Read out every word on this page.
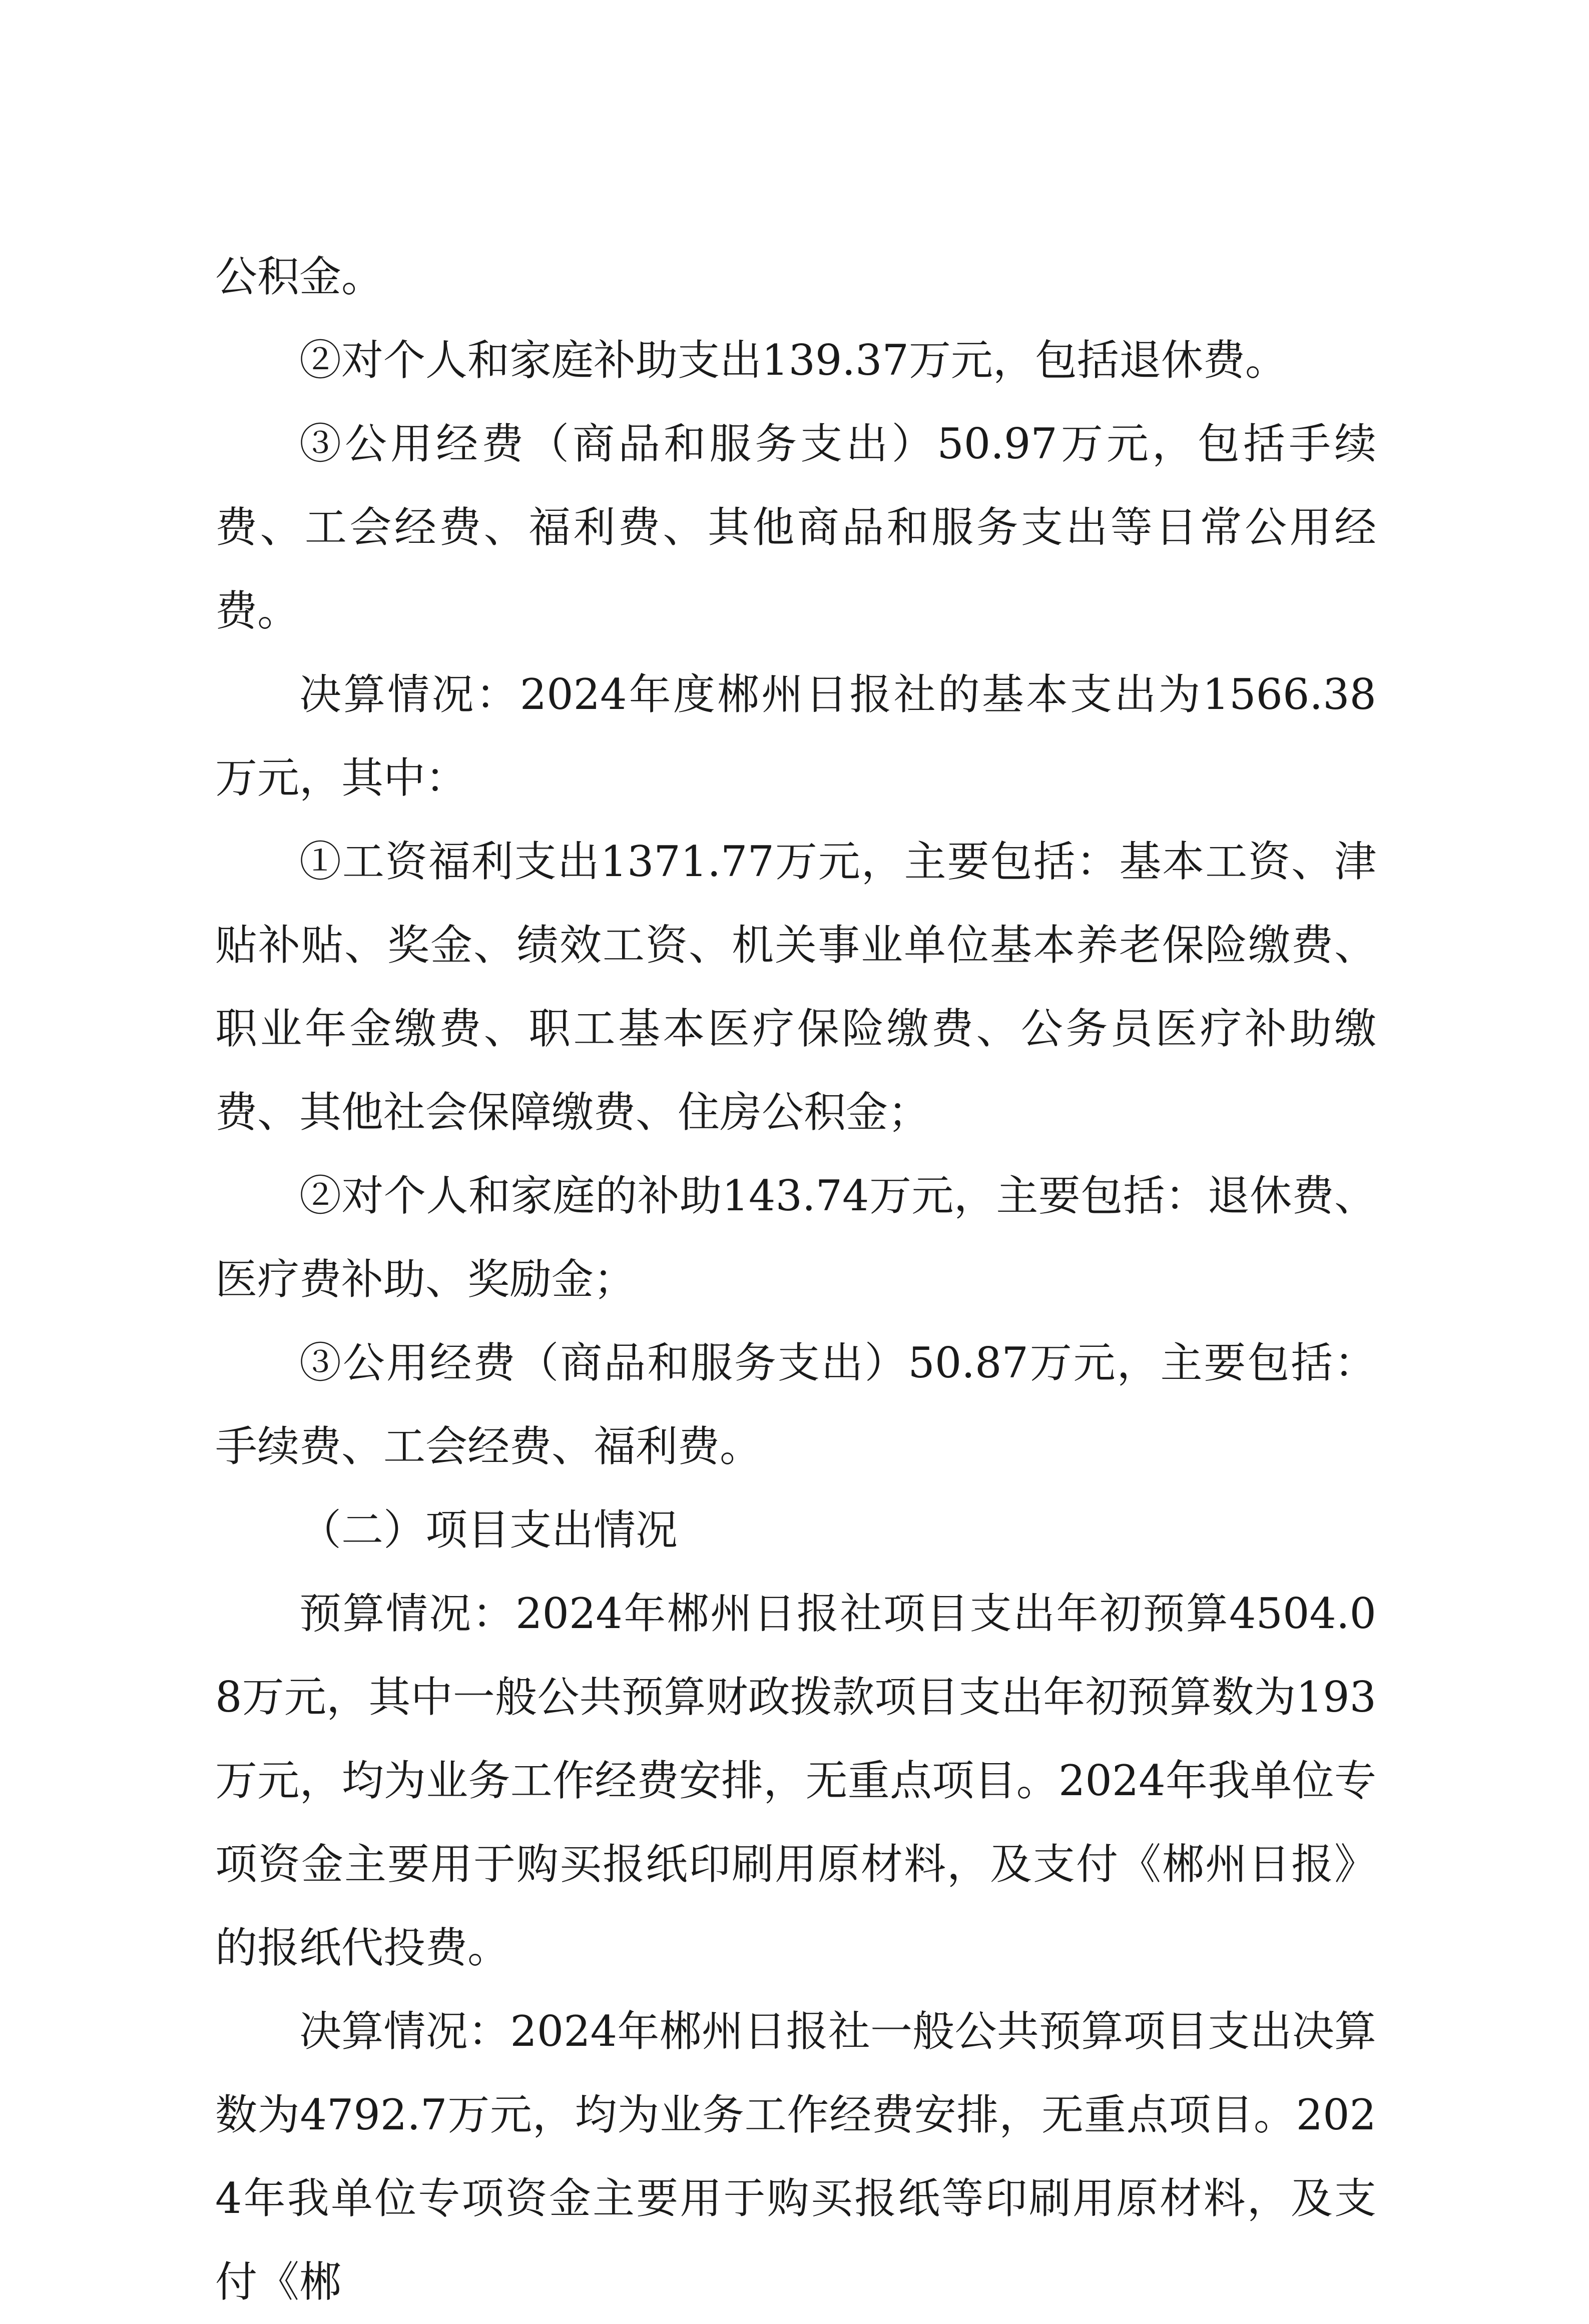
公积金。

②对个人和家庭补助支出139.37万元，包括退休费。

③公用经费（商品和服务支出）50.97万元，包括手续费、工会经费、福利费、其他商品和服务支出等日常公用经费。

决算情况：2024年度郴州日报社的基本支出为1566.38万元，其中：

①工资福利支出1371.77万元，主要包括：基本工资、津贴补贴、奖金、绩效工资、机关事业单位基本养老保险缴费、职业年金缴费、职工基本医疗保险缴费、公务员医疗补助缴费、其他社会保障缴费、住房公积金；

②对个人和家庭的补助143.74万元，主要包括：退休费、医疗费补助、奖励金；

③公用经费（商品和服务支出）50.87万元，主要包括：手续费、工会经费、福利费。

（二）项目支出情况

预算情况：2024年郴州日报社项目支出年初预算4504.08万元，其中一般公共预算财政拨款项目支出年初预算数为193万元，均为业务工作经费安排，无重点项目。2024年我单位专项资金主要用于购买报纸印刷用原材料，及支付《郴州日报》的报纸代投费。

决算情况：2024年郴州日报社一般公共预算项目支出决算数为4792.7万元，均为业务工作经费安排，无重点项目。2024年我单位专项资金主要用于购买报纸等印刷用原材料，及支付《郴
